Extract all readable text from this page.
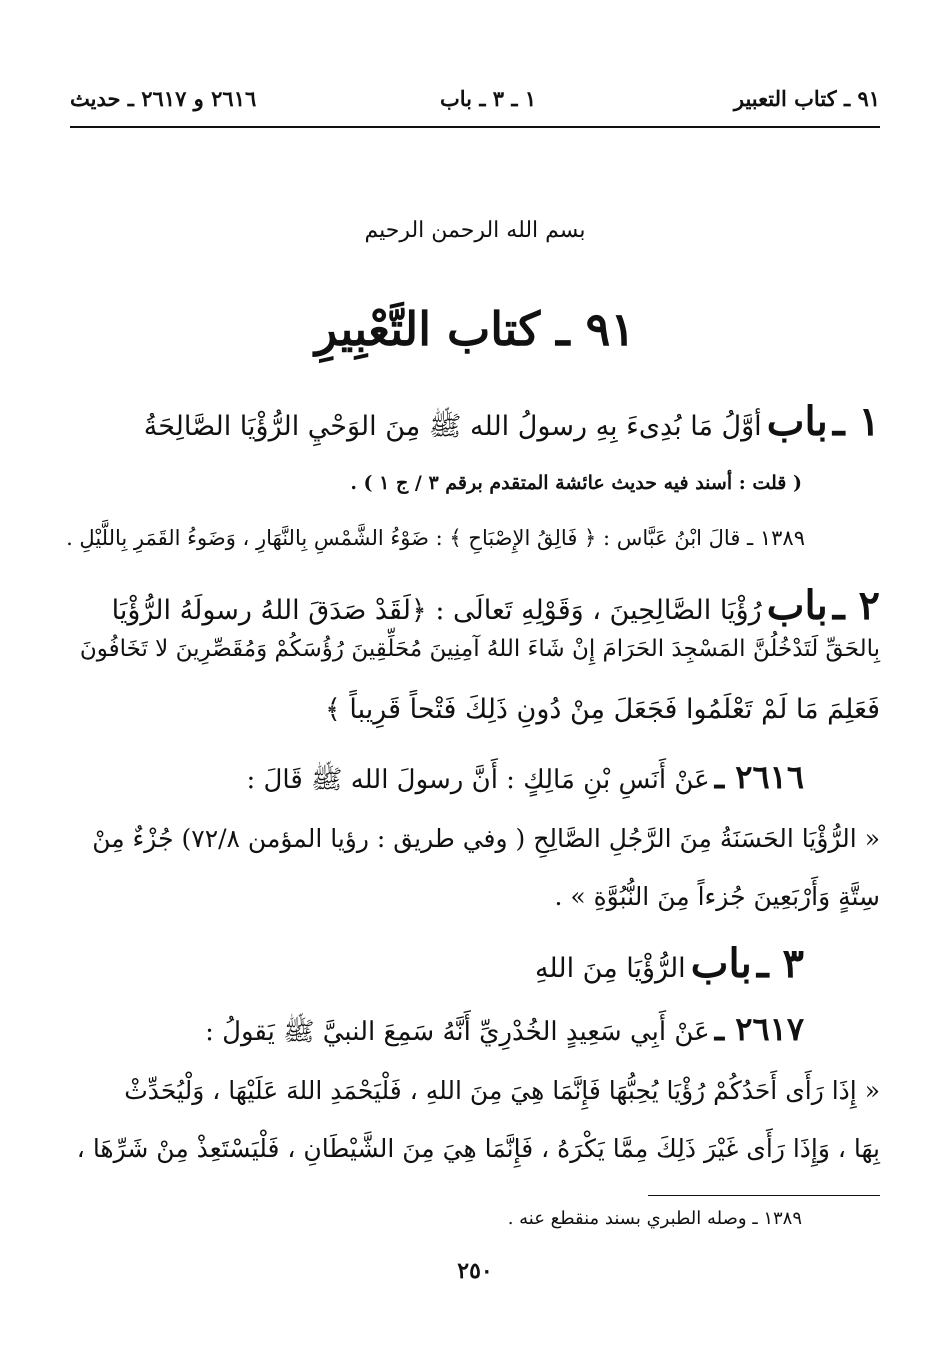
٩١ ـ كتاب التعبير
١ ـ ٣ ـ باب
٢٦١٦ و ٢٦١٧ ـ حديث
بسم الله الرحمن الرحيم
٩١ ـ كتاب التَّعْبِيرِ
١ ـ باب أوَّلُ مَا بُدِىءَ بِهِ رسولُ الله ﷺ مِنَ الوَحْيِ الرُّؤْيَا الصَّالِحَةُ
( قلت : أسند فيه حديث عائشة المتقدم برقم ٣ / ج ١ ) .
١٣٨٩ ـ قالَ ابْنُ عَبَّاس : ﴿ فَالِقُ الإِصْبَاحِ ﴾ : ضَوْءُ الشَّمْسِ بِالنَّهَارِ ، وَضَوءُ القَمَرِ بِاللَّيْلِ .
٢ ـ باب رُؤْيَا الصَّالِحِينَ ، وَقَوْلِهِ تَعالَى : ﴿لَقَدْ صَدَقَ اللهُ رسولَهُ الرُّؤْيَا
بِالحَقِّ لَتَدْخُلُنَّ المَسْجِدَ الحَرَامَ إِنْ شَاءَ اللهُ آمِنِينَ مُحَلِّقِينَ رُؤُسَكُمْ وَمُقَصِّرِينَ لا تَخَافُونَ
فَعَلِمَ مَا لَمْ تَعْلَمُوا فَجَعَلَ مِنْ دُونِ ذَلِكَ فَتْحاً قَرِيباً ﴾
٢٦١٦ ـ عَنْ أَنَسِ بْنِ مَالِكٍ : أَنَّ رسولَ الله ﷺ قَالَ :
« الرُّؤْيَا الحَسَنَةُ مِنَ الرَّجُلِ الصَّالِحِ ( وفي طريق : رؤيا المؤمن ٧٢/٨) جُزْءٌ مِنْ
سِتَّةٍ وَأَرْبَعِينَ جُزءاً مِنَ النُّبُوَّةِ » .
٣ ـ باب الرُّؤْيَا مِنَ اللهِ
٢٦١٧ ـ عَنْ أَبِي سَعِيدٍ الخُدْرِيِّ أَنَّهُ سَمِعَ النبيَّ ﷺ يَقولُ :
« إِذَا رَأَى أَحَدُكُمْ رُؤْيَا يُحِبُّهَا فَإِنَّمَا هِيَ مِنَ اللهِ ، فَلْيَحْمَدِ اللهَ عَلَيْهَا ، وَلْيُحَدِّثْ
بِهَا ، وَإِذَا رَأَى غَيْرَ ذَلِكَ مِمَّا يَكْرَهُ ، فَإِنَّمَا هِيَ مِنَ الشَّيْطَانِ ، فَلْيَسْتَعِذْ مِنْ شَرِّهَا ،
١٣٨٩ ـ وصله الطبري بسند منقطع عنه .
٢٥٠
